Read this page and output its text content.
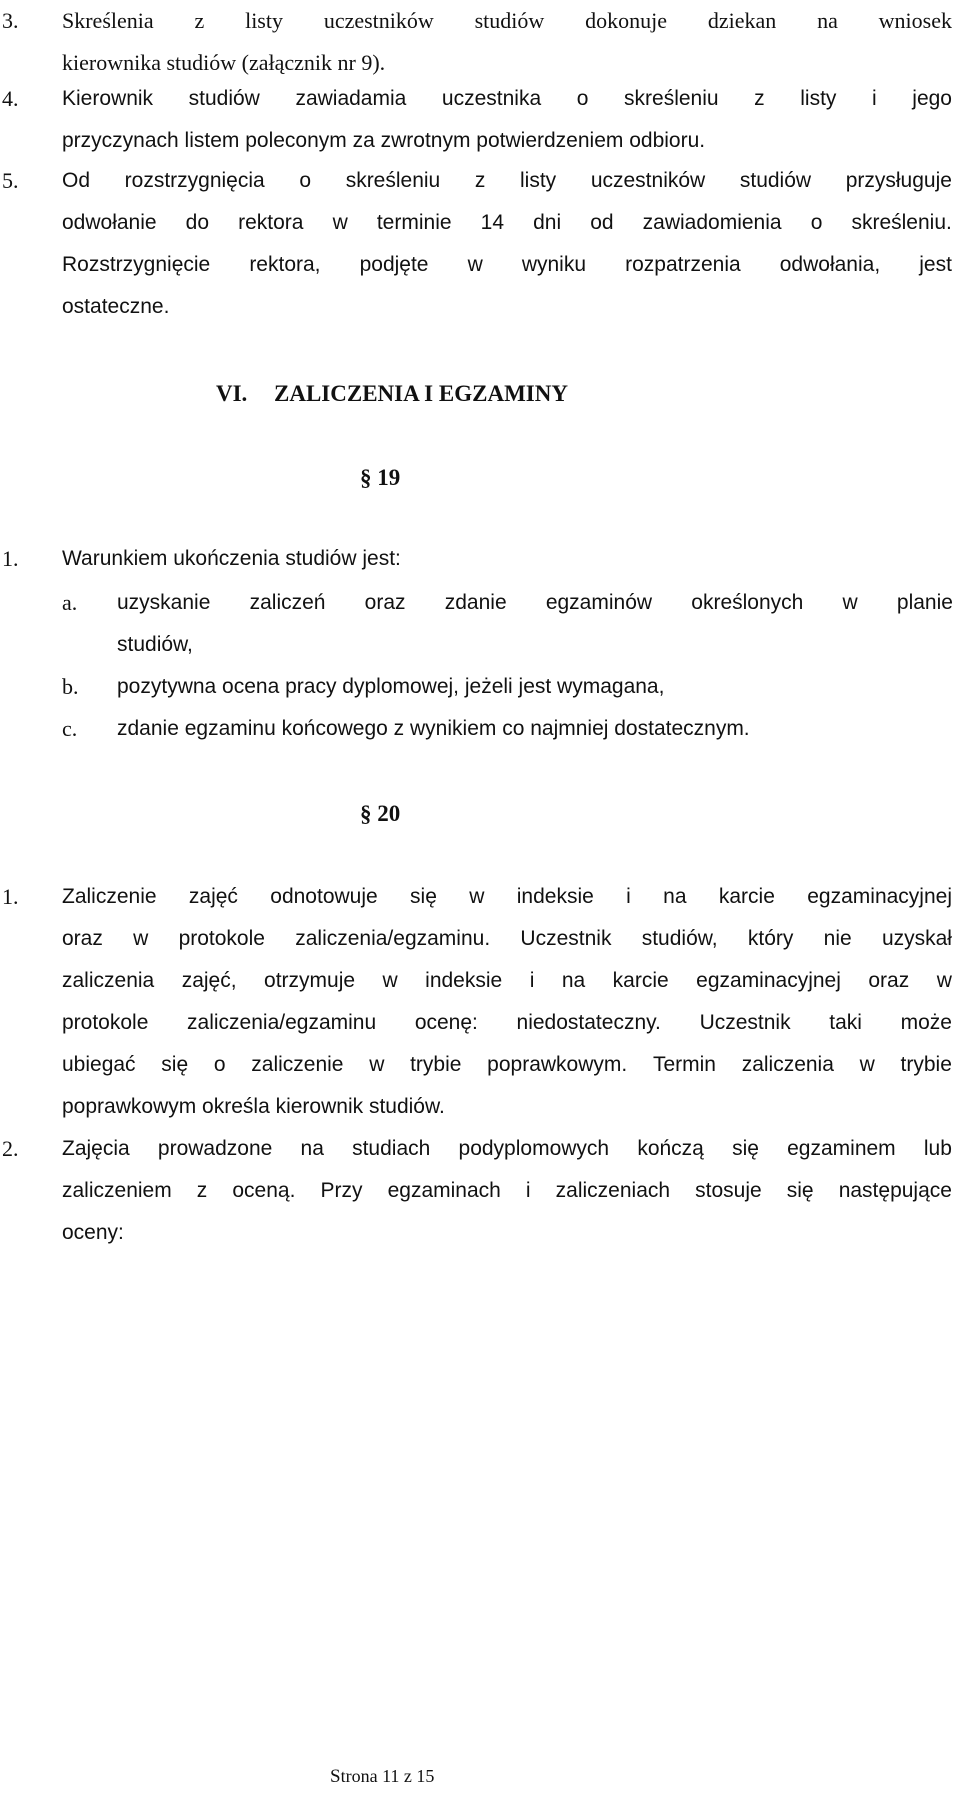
3. Skreślenia z listy uczestników studiów dokonuje dziekan na wniosek
kierownika studiów (załącznik nr 9).
4. Kierownik studiów zawiadamia uczestnika o skreśleniu z listy i jego
przyczynach listem poleconym za zwrotnym potwierdzeniem odbioru.
5. Od rozstrzygnięcia o skreśleniu z listy uczestników studiów przysługuje
odwołanie do rektora w terminie 14 dni od zawiadomienia o skreśleniu.
Rozstrzygnięcie rektora, podjęte w wyniku rozpatrzenia odwołania, jest
ostateczne.
VI. ZALICZENIA I EGZAMINY
§ 19
1. Warunkiem ukończenia studiów jest:
a. uzyskanie zaliczeń oraz zdanie egzaminów określonych w planie
studiów,
b. pozytywna ocena pracy dyplomowej, jeżeli jest wymagana,
c. zdanie egzaminu końcowego z wynikiem co najmniej dostatecznym.
§ 20
1. Zaliczenie zajęć odnotowuje się w indeksie i na karcie egzaminacyjnej
oraz w protokole zaliczenia/egzaminu. Uczestnik studiów, który nie uzyskał
zaliczenia zajęć, otrzymuje w indeksie i na karcie egzaminacyjnej oraz w
protokole zaliczenia/egzaminu ocenę: niedostateczny. Uczestnik taki może
ubiegać się o zaliczenie w trybie poprawkowym. Termin zaliczenia w trybie
poprawkowym określa kierownik studiów.
2. Zajęcia prowadzone na studiach podyplomowych kończą się egzaminem lub
zaliczeniem z oceną. Przy egzaminach i zaliczeniach stosuje się następujące
oceny:
Strona 11 z 15
